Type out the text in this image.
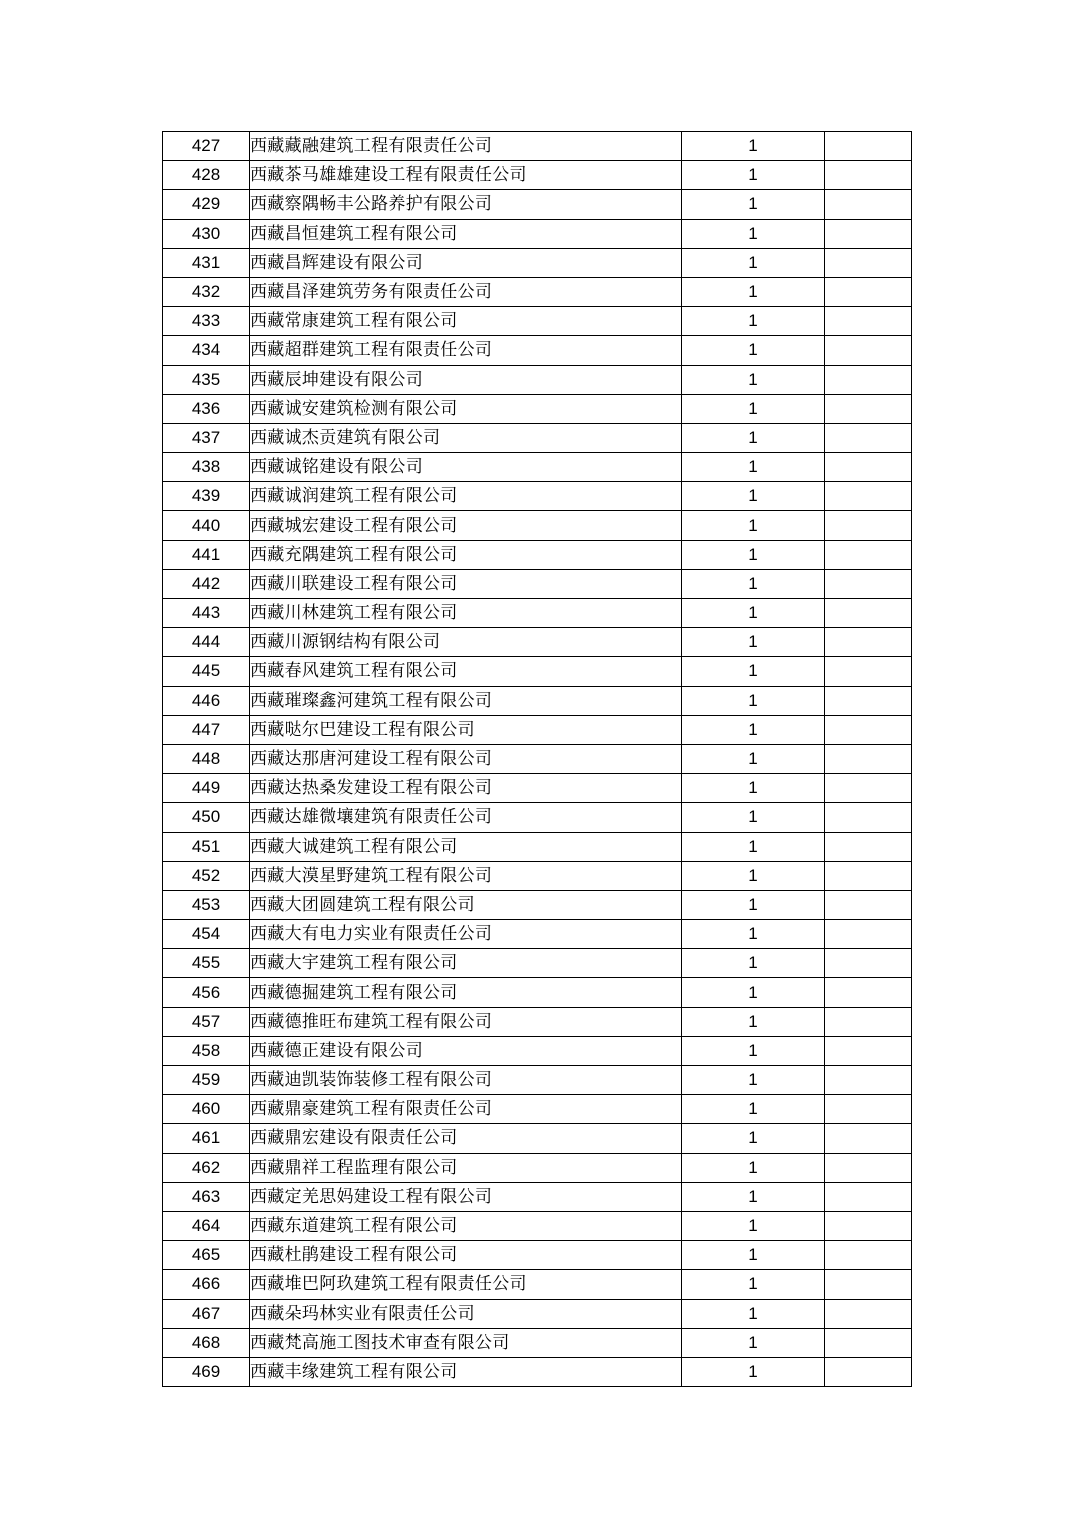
427	西藏藏融建筑工程有限责任公司	1	
428	西藏茶马雄雄建设工程有限责任公司	1	
429	西藏察隅畅丰公路养护有限公司	1	
430	西藏昌恒建筑工程有限公司	1	
431	西藏昌辉建设有限公司	1	
432	西藏昌泽建筑劳务有限责任公司	1	
433	西藏常康建筑工程有限公司	1	
434	西藏超群建筑工程有限责任公司	1	
435	西藏辰坤建设有限公司	1	
436	西藏诚安建筑检测有限公司	1	
437	西藏诚杰贡建筑有限公司	1	
438	西藏诚铭建设有限公司	1	
439	西藏诚润建筑工程有限公司	1	
440	西藏城宏建设工程有限公司	1	
441	西藏充隅建筑工程有限公司	1	
442	西藏川联建设工程有限公司	1	
443	西藏川林建筑工程有限公司	1	
444	西藏川源钢结构有限公司	1	
445	西藏春风建筑工程有限公司	1	
446	西藏璀璨鑫河建筑工程有限公司	1	
447	西藏哒尔巴建设工程有限公司	1	
448	西藏达那唐河建设工程有限公司	1	
449	西藏达热桑发建设工程有限公司	1	
450	西藏达雄微壤建筑有限责任公司	1	
451	西藏大诚建筑工程有限公司	1	
452	西藏大漠星野建筑工程有限公司	1	
453	西藏大团圆建筑工程有限公司	1	
454	西藏大有电力实业有限责任公司	1	
455	西藏大宇建筑工程有限公司	1	
456	西藏德掘建筑工程有限公司	1	
457	西藏德推旺布建筑工程有限公司	1	
458	西藏德正建设有限公司	1	
459	西藏迪凯装饰装修工程有限公司	1	
460	西藏鼎豪建筑工程有限责任公司	1	
461	西藏鼎宏建设有限责任公司	1	
462	西藏鼎祥工程监理有限公司	1	
463	西藏定羌思妈建设工程有限公司	1	
464	西藏东道建筑工程有限公司	1	
465	西藏杜鹃建设工程有限公司	1	
466	西藏堆巴阿玖建筑工程有限责任公司	1	
467	西藏朵玛林实业有限责任公司	1	
468	西藏梵高施工图技术审查有限公司	1	
469	西藏丰缘建筑工程有限公司	1	
